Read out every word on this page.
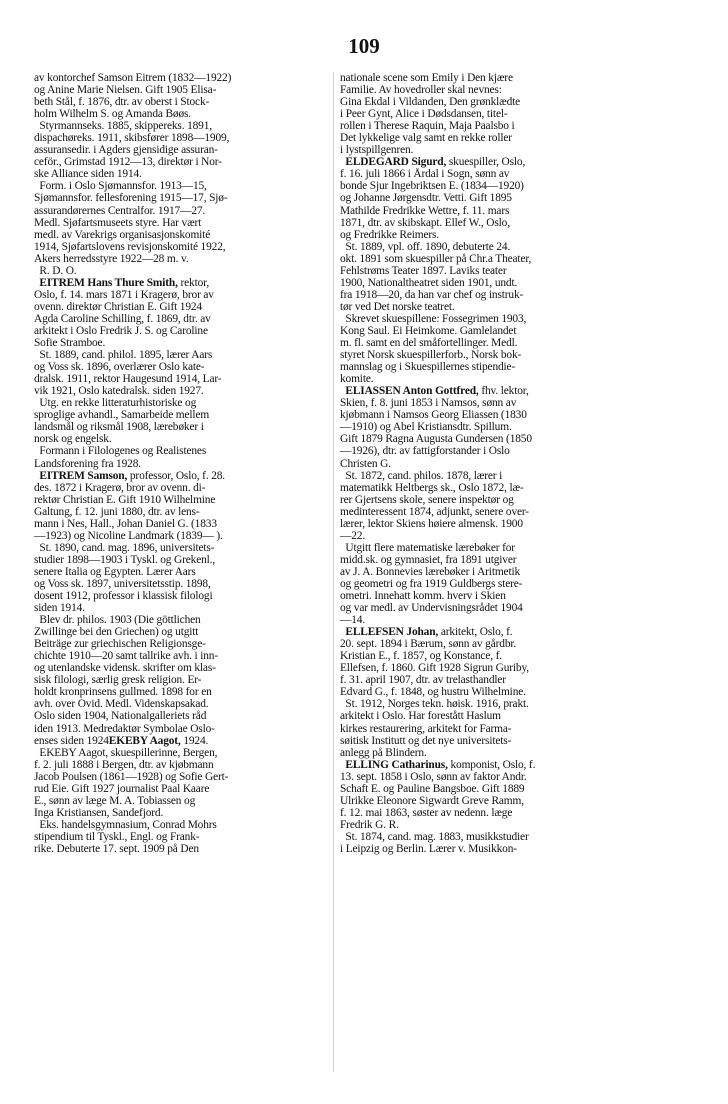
109
av kontorchef Samson Eitrem (1832—1922)
og Anine Marie Nielsen. Gift 1905 Elisa-
beth Stål, f. 1876, dtr. av oberst i Stock-
holm Wilhelm S. og Amanda Bøøs.
Styrmannseks. 1885, skippereks. 1891,
dispachøreks. 1911, skibsfører 1898—1909,
assuransedir. i Agders gjensidige assuran-
ceför., Grimstad 1912—13, direktør i Nor-
ske Alliance siden 1914.
Form. i Oslo Sjømannsfor. 1913—15,
Sjømannsfor. fellesforening 1915—17, Sjø-
assurandørernes Centralfor. 1917—27.
Medl. Sjøfartsmuseets styre. Har vært
medl. av Varekrigs organisasjonskomité
1914, Sjøfartslovens revisjonskomité 1922,
Akers herredsstyre 1922—28 m. v.
R. D. O.
EITREM Hans Thure Smith, rektor,
Oslo, f. 14. mars 1871 i Kragerø, bror av
ovenn. direktør Christian E. Gift 1924
Agda Caroline Schilling, f. 1869, dtr. av
arkitekt i Oslo Fredrik J. S. og Caroline
Sofie Stramboe.
St. 1889, cand. philol. 1895, lærer Aars
og Voss sk. 1896, overlærer Oslo kate-
dralsk. 1911, rektor Haugesund 1914, Lar-
vik 1921, Oslo katedralsk. siden 1927.
Utg. en rekke litteraturhistoriske og
sproglige avhandl., Samarbeide mellem
landsmål og riksmål 1908, lærebøker i
norsk og engelsk.
Formann i Filologenes og Realistenes
Landsforening fra 1928.
EITREM Samson, professor, Oslo, f. 28.
des. 1872 i Kragerø, bror av ovenn. di-
rektør Christian E. Gift 1910 Wilhelmine
Galtung, f. 12. juni 1880, dtr. av lens-
mann i Nes, Hall., Johan Daniel G. (1833
—1923) og Nicoline Landmark (1839— ).
St. 1890, cand. mag. 1896, universitets-
studier 1898—1903 i Tyskl. og Grekenl.,
senere Italia og Egypten. Lærer Aars
og Voss sk. 1897, universitetsstip. 1898,
dosent 1912, professor i klassisk filologi
siden 1914.
Blev dr. philos. 1903 (Die göttlichen
Zwillinge bei den Griechen) og utgitt
Beiträge zur griechischen Religionsge-
chichte 1910—20 samt tallrike avh. i inn-
og utenlandske vidensk. skrifter om klas-
sisk filologi, særlig gresk religion. Er-
holdt kronprinsens gullmed. 1898 for en
avh. over Ovid. Medl. Videnskapsakad.
Oslo siden 1904, Nationalgalleriets råd
iden 1913. Medredaktør Symbolae Oslo-
enses siden 1924EKEBY Aagot, 1924.
EKEBY Aagot, skuespillerinne, Bergen,
f. 2. juli 1888 i Bergen, dtr. av kjøbmann
Jacob Poulsen (1861—1928) og Sofie Gert-
rud Eie. Gift 1927 journalist Paal Kaare
E., sønn av læge M. A. Tobiassen og
Inga Kristiansen, Sandefjord.
Eks. handelsgymnasium, Conrad Mohrs
stipendium til Tyskl., Engl. og Frank-
rike. Debuterte 17. sept. 1909 på Den
nationale scene som Emily i Den kjære
Familie. Av hovedroller skal nevnes:
Gina Ekdal i Vildanden, Den grønklædte
i Peer Gynt, Alice i Dødsdansen, titel-
rollen i Therese Raquin, Maja Paalsbo i
Det lykkelige valg samt en rekke roller
i lystspillgenren.
ELDEGARD Sigurd, skuespiller, Oslo,
f. 16. juli 1866 i Årdal i Sogn, sønn av
bonde Sjur Ingebriktsen E. (1834—1920)
og Johanne Jørgensdtr. Vetti. Gift 1895
Mathilde Fredrikke Wettre, f. 11. mars
1871, dtr. av skibskapt. Ellef W., Oslo,
og Fredrikke Reimers.
St. 1889, vpl. off. 1890, debuterte 24.
okt. 1891 som skuespiller på Chr.a Theater,
Fehlstrøms Teater 1897. Laviks teater
1900, Nationaltheatret siden 1901, undt.
fra 1918—20, da han var chef og instruk-
tør ved Det norske teatret.
Skrevet skuespillene: Fossegrimen 1903,
Kong Saul. Ei Heimkome. Gamlelandet
m. fl. samt en del småfortellinger. Medl.
styret Norsk skuespillerforb., Norsk bok-
mannslag og i Skuespillernes stipendie-
komite.
ELIASSEN Anton Gottfred, fhv. lektor,
Skien, f. 8. juni 1853 i Namsos, sønn av
kjøbmann i Namsos Georg Eliassen (1830
—1910) og Abel Kristiansdtr. Spillum.
Gift 1879 Ragna Augusta Gundersen (1850
—1926), dtr. av fattigforstander i Oslo
Christen G.
St. 1872, cand. philos. 1878, lærer i
matematikk Heltbergs sk., Oslo 1872, læ-
rer Gjertsens skole, senere inspektør og
medinteressent 1874, adjunkt, senere over-
lærer, lektor Skiens høiere almensk. 1900
—22.
Utgitt flere matematiske lærebøker for
midd.sk. og gymnasiet, fra 1891 utgiver
av J. A. Bonnevies lærebøker i Aritmetik
og geometri og fra 1919 Guldbergs stere-
ometri. Innehatt komm. hverv i Skien
og var medl. av Undervisningsrådet 1904
—14.
ELLEFSEN Johan, arkitekt, Oslo, f.
20. sept. 1894 i Bærum, sønn av gårdbr.
Kristian E., f. 1857, og Konstance, f.
Ellefsen, f. 1860. Gift 1928 Sigrun Guriby,
f. 31. april 1907, dtr. av trelasthandler
Edvard G., f. 1848, og hustru Wilhelmine.
St. 1912, Norges tekn. høisk. 1916, prakt.
arkitekt i Oslo. Har forestått Haslum
kirkes restaurering, arkitekt for Farma-
søitisk Institutt og det nye universitets-
anlegg på Blindern.
ELLING Catharinus, komponist, Oslo, f.
13. sept. 1858 i Oslo, sønn av faktor Andr.
Schaft E. og Pauline Bangsboe. Gift 1889
Ulrikke Eleonore Sigwardt Greve Ramm,
f. 12. mai 1863, søster av nedenn. læge
Fredrik G. R.
St. 1874, cand. mag. 1883, musikkstudier
i Leipzig og Berlin. Lærer v. Musikkon-
